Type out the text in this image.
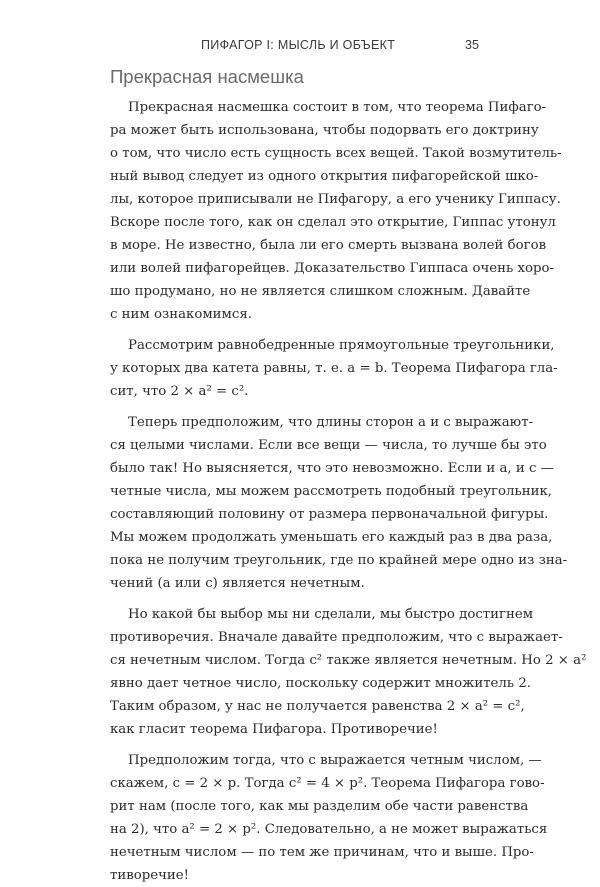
ПИФАГОР I: МЫСЛЬ И ОБЪЕКТ	35
Прекрасная насмешка

Прекрасная насмешка состоит в том, что теорема Пифаго-
ра может быть использована, чтобы подорвать его доктрину
о том, что число есть сущность всех вещей. Такой возмутитель-
ный вывод следует из одного открытия пифагорейской шко-
лы, которое приписывали не Пифагору, а его ученику Гиппасу.
Вскоре после того, как он сделал это открытие, Гиппас утонул
в море. Не известно, была ли его смерть вызвана волей богов
или волей пифагорейцев. Доказательство Гиппаса очень хоро-
шо продумано, но не является слишком сложным. Давайте
с ним ознакомимся.

Рассмотрим равнобедренные прямоугольные треугольники,
у которых два катета равны, т. е. a = b. Теорема Пифагора гла-
сит, что 2 × a² = c².

Теперь предположим, что длины сторон a и c выражают-
ся целыми числами. Если все вещи — числа, то лучше бы это
было так! Но выясняется, что это невозможно. Если и a, и c —
четные числа, мы можем рассмотреть подобный треугольник,
составляющий половину от размера первоначальной фигуры.
Мы можем продолжать уменьшать его каждый раз в два раза,
пока не получим треугольник, где по крайней мере одно из зна-
чений (a или c) является нечетным.

Но какой бы выбор мы ни сделали, мы быстро достигнем
противоречия. Вначале давайте предположим, что c выражает-
ся нечетным числом. Тогда c² также является нечетным. Но 2 × a²
явно дает четное число, поскольку содержит множитель 2.
Таким образом, у нас не получается равенства 2 × a² = c²,
как гласит теорема Пифагора. Противоречие!

Предположим тогда, что c выражается четным числом, —
скажем, c = 2 × p. Тогда c² = 4 × p². Теорема Пифагора гово-
рит нам (после того, как мы разделим обе части равенства
на 2), что a² = 2 × p². Следовательно, a не может выражаться
нечетным числом — по тем же причинам, что и выше. Про-
тиворечие!
